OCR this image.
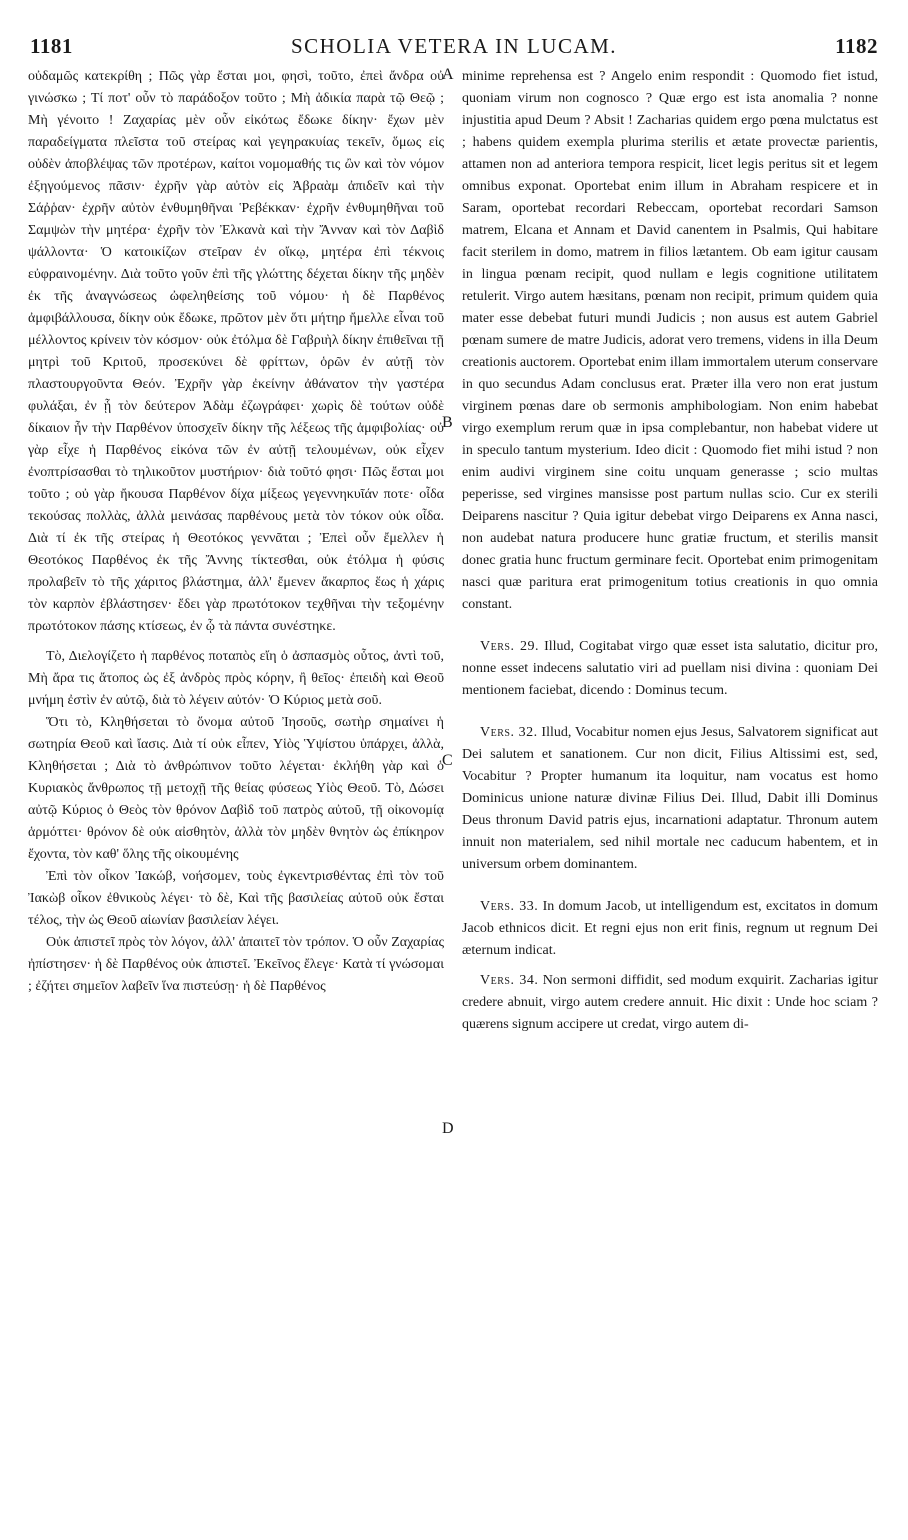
1181	SCHOLIA VETERA IN LUCAM.	1182
A
B
C
D

οὐδαμῶς κατεκρίθη ; Πῶς γὰρ ἔσται μοι, φησὶ, τοῦτο, ἐπεὶ ἄνδρα οὐ γινώσκω ; Τί ποτ' οὖν τὸ παράδοξον τοῦτο ; Μὴ ἀδικία παρὰ τῷ Θεῷ ; Μὴ γένοιτο ! Ζαχαρίας μὲν οὖν εἰκότως ἔδωκε δίκην· ἔχων μὲν παραδείγματα πλεῖστα τοῦ στείρας καὶ γεγηρακυίας τεκεῖν, ὅμως εἰς οὐδὲν ἀποβλέψας τῶν προτέρων, καίτοι νομομαθής τις ὢν καὶ τὸν νόμον ἐξηγούμενος πᾶσιν· ἐχρῆν γὰρ αὐτὸν εἰς Ἀβραὰμ ἀπιδεῖν καὶ τὴν Σάῤῥαν· ἐχρῆν αὐτὸν ἐνθυμηθῆναι Ῥεβέκκαν· ἐχρῆν ἐνθυμηθῆναι τοῦ Σαμψὼν τὴν μητέρα· ἐχρῆν τὸν Ἐλκανὰ καὶ τὴν Ἄνναν καὶ τὸν Δαβὶδ ψάλλοντα· Ὁ κατοικίζων στεῖραν ἐν οἴκῳ, μητέρα ἐπὶ τέκνοις εὐφραινομένην. Διὰ τοῦτο γοῦν ἐπὶ τῆς γλώττης δέχεται δίκην τῆς μηδὲν ἐκ τῆς ἀναγνώσεως ὠφεληθείσης τοῦ νόμου· ἡ δὲ Παρθένος ἀμφιβάλλουσα, δίκην οὐκ ἔδωκε, πρῶτον μὲν ὅτι μήτηρ ἤμελλε εἶναι τοῦ μέλλοντος κρίνειν τὸν κόσμον· οὐκ ἐτόλμα δὲ Γαβριὴλ δίκην ἐπιθεῖναι τῇ μητρὶ τοῦ Κριτοῦ, προσεκύνει δὲ φρίττων, ὁρῶν ἐν αὐτῇ τὸν πλαστουργοῦντα Θεόν. Ἐχρῆν γὰρ ἐκείνην ἀθάνατον τὴν γαστέρα φυλάξαι, ἐν ᾗ τὸν δεύτερον Ἀδὰμ ἐζωγράφει· χωρὶς δὲ τούτων οὐδὲ δίκαιον ἦν τὴν Παρθένον ὑποσχεῖν δίκην τῆς λέξεως τῆς ἀμφιβολίας· οὐ γὰρ εἶχε ἡ Παρθένος εἰκόνα τῶν ἐν αὐτῇ τελουμένων, οὐκ εἶχεν ἐνοπτρίσασθαι τὸ τηλικοῦτον μυστήριον· διὰ τοῦτό φησι· Πῶς ἔσται μοι τοῦτο ; οὐ γὰρ ἤκουσα Παρθένον δίχα μίξεως γεγεννηκυῖάν ποτε· οἶδα τεκούσας πολλὰς, ἀλλὰ μεινάσας παρθένους μετὰ τὸν τόκον οὐκ οἶδα. Διὰ τί ἐκ τῆς στείρας ἡ Θεοτόκος γεννᾶται ; Ἐπεὶ οὖν ἔμελλεν ἡ Θεοτόκος Παρθένος ἐκ τῆς Ἄννης τίκτεσθαι, οὐκ ἐτόλμα ἡ φύσις προλαβεῖν τὸ τῆς χάριτος βλάστημα, ἀλλ' ἔμενεν ἄκαρπος ἕως ἡ χάρις τὸν καρπὸν ἐβλάστησεν· ἔδει γὰρ πρωτότοκον τεχθῆναι τὴν τεξομένην πρωτότοκον πάσης κτίσεως, ἐν ᾧ τὰ πάντα συνέστηκε.

Τὸ, Διελογίζετο ἡ παρθένος ποταπὸς εἴη ὁ ἀσπασμὸς οὗτος, ἀντὶ τοῦ, Μὴ ἄρα τις ἄτοπος ὡς ἐξ ἀνδρὸς πρὸς κόρην, ἢ θεῖος· ἐπειδὴ καὶ Θεοῦ μνήμη ἐστὶν ἐν αὐτῷ, διὰ τὸ λέγειν αὐτόν· Ὁ Κύριος μετὰ σοῦ.

Ὅτι τὸ, Κληθήσεται τὸ ὄνομα αὐτοῦ Ἰησοῦς, σωτὴρ σημαίνει ἡ σωτηρία Θεοῦ καὶ ἴασις. Διὰ τί οὐκ εἶπεν, Υἱὸς Ὑψίστου ὑπάρχει, ἀλλὰ, Κληθήσεται ; Διὰ τὸ ἀνθρώπινον τοῦτο λέγεται· ἐκλήθη γὰρ καὶ ὁ Κυριακὸς ἄνθρωπος τῇ μετοχῇ τῆς θείας φύσεως Υἱὸς Θεοῦ. Τὸ, Δώσει αὐτῷ Κύριος ὁ Θεὸς τὸν θρόνον Δαβὶδ τοῦ πατρὸς αὐτοῦ, τῇ οἰκονομίᾳ ἁρμόττει· θρόνον δὲ οὐκ αἰσθητὸν, ἀλλὰ τὸν μηδὲν θνητὸν ὡς ἐπίκηρον ἔχοντα, τὸν καθ' ὅλης τῆς οἰκουμένης

Ἐπὶ τὸν οἶκον Ἰακώβ, νοήσομεν, τοὺς ἐγκεντρισθέντας ἐπὶ τὸν τοῦ Ἰακὼβ οἶκον ἐθνικοὺς λέγει· τὸ δὲ, Καὶ τῆς βασιλείας αὐτοῦ οὐκ ἔσται τέλος, τὴν ὡς Θεοῦ αἰωνίαν βασιλείαν λέγει.

Οὐκ ἀπιστεῖ πρὸς τὸν λόγον, ἀλλ' ἀπαιτεῖ τὸν τρόπον. Ὁ οὖν Ζαχαρίας ἠπίστησεν· ἡ δὲ Παρθένος οὐκ ἀπιστεῖ. Ἐκεῖνος ἔλεγε· Κατὰ τί γνώσομαι ; ἐζήτει σημεῖον λαβεῖν ἵνα πιστεύσῃ· ἡ δὲ Παρθένος

minime reprehensa est ? Angelo enim respondit : Quomodo fiet istud, quoniam virum non cognosco ? Quæ ergo est ista anomalia ? nonne injustitia apud Deum ? Absit ! Zacharias quidem ergo pœna mulctatus est ; habens quidem exempla plurima sterilis et ætate provectæ parientis, attamen non ad anteriora tempora respicit, licet legis peritus sit et legem omnibus exponat. Oportebat enim illum in Abraham respicere et in Saram, oportebat recordari Rebeccam, oportebat recordari Samson matrem, Elcana et Annam et David canentem in Psalmis, Qui habitare facit sterilem in domo, matrem in filios lætantem. Ob eam igitur causam in lingua pœnam recipit, quod nullam e legis cognitione utilitatem retulerit. Virgo autem hæsitans, pœnam non recipit, primum quidem quia mater esse debebat futuri mundi Judicis ; non ausus est autem Gabriel pœnam sumere de matre Judicis, adorat vero tremens, videns in illa Deum creationis auctorem. Oportebat enim illam immortalem uterum conservare in quo secundus Adam conclusus erat. Præter illa vero non erat justum virginem pœnas dare ob sermonis amphibologiam. Non enim habebat virgo exemplum rerum quæ in ipsa complebantur, non habebat videre ut in speculo tantum mysterium. Ideo dicit : Quomodo fiet mihi istud ? non enim audivi virginem sine coitu unquam generasse ; scio multas peperisse, sed virgines mansisse post partum nullas scio. Cur ex sterili Deiparens nascitur ? Quia igitur debebat virgo Deiparens ex Anna nasci, non audebat natura producere hunc gratiæ fructum, et sterilis mansit donec gratia hunc fructum germinare fecit. Oportebat enim primogenitam nasci quæ paritura erat primogenitum totius creationis in quo omnia constant.

Vers. 29. Illud, Cogitabat virgo quæ esset ista salutatio, dicitur pro, nonne esset indecens salutatio viri ad puellam nisi divina : quoniam Dei mentionem faciebat, dicendo : Dominus tecum.

Vers. 32. Illud, Vocabitur nomen ejus Jesus, Salvatorem significat aut Dei salutem et sanationem. Cur non dicit, Filius Altissimi est, sed, Vocabitur ? Propter humanum ita loquitur, nam vocatus est homo Dominicus unione naturæ divinæ Filius Dei. Illud, Dabit illi Dominus Deus thronum David patris ejus, incarnationi adaptatur. Thronum autem innuit non materialem, sed nihil mortale nec caducum habentem, et in universum orbem dominantem.

Vers. 33. In domum Jacob, ut intelligendum est, excitatos in domum Jacob ethnicos dicit. Et regni ejus non erit finis, regnum ut regnum Dei æternum indicat.

Vers. 34. Non sermoni diffidit, sed modum exquirit. Zacharias igitur credere abnuit, virgo autem credere annuit. Hic dixit : Unde hoc sciam ? quærens signum accipere ut credat, virgo autem di-
